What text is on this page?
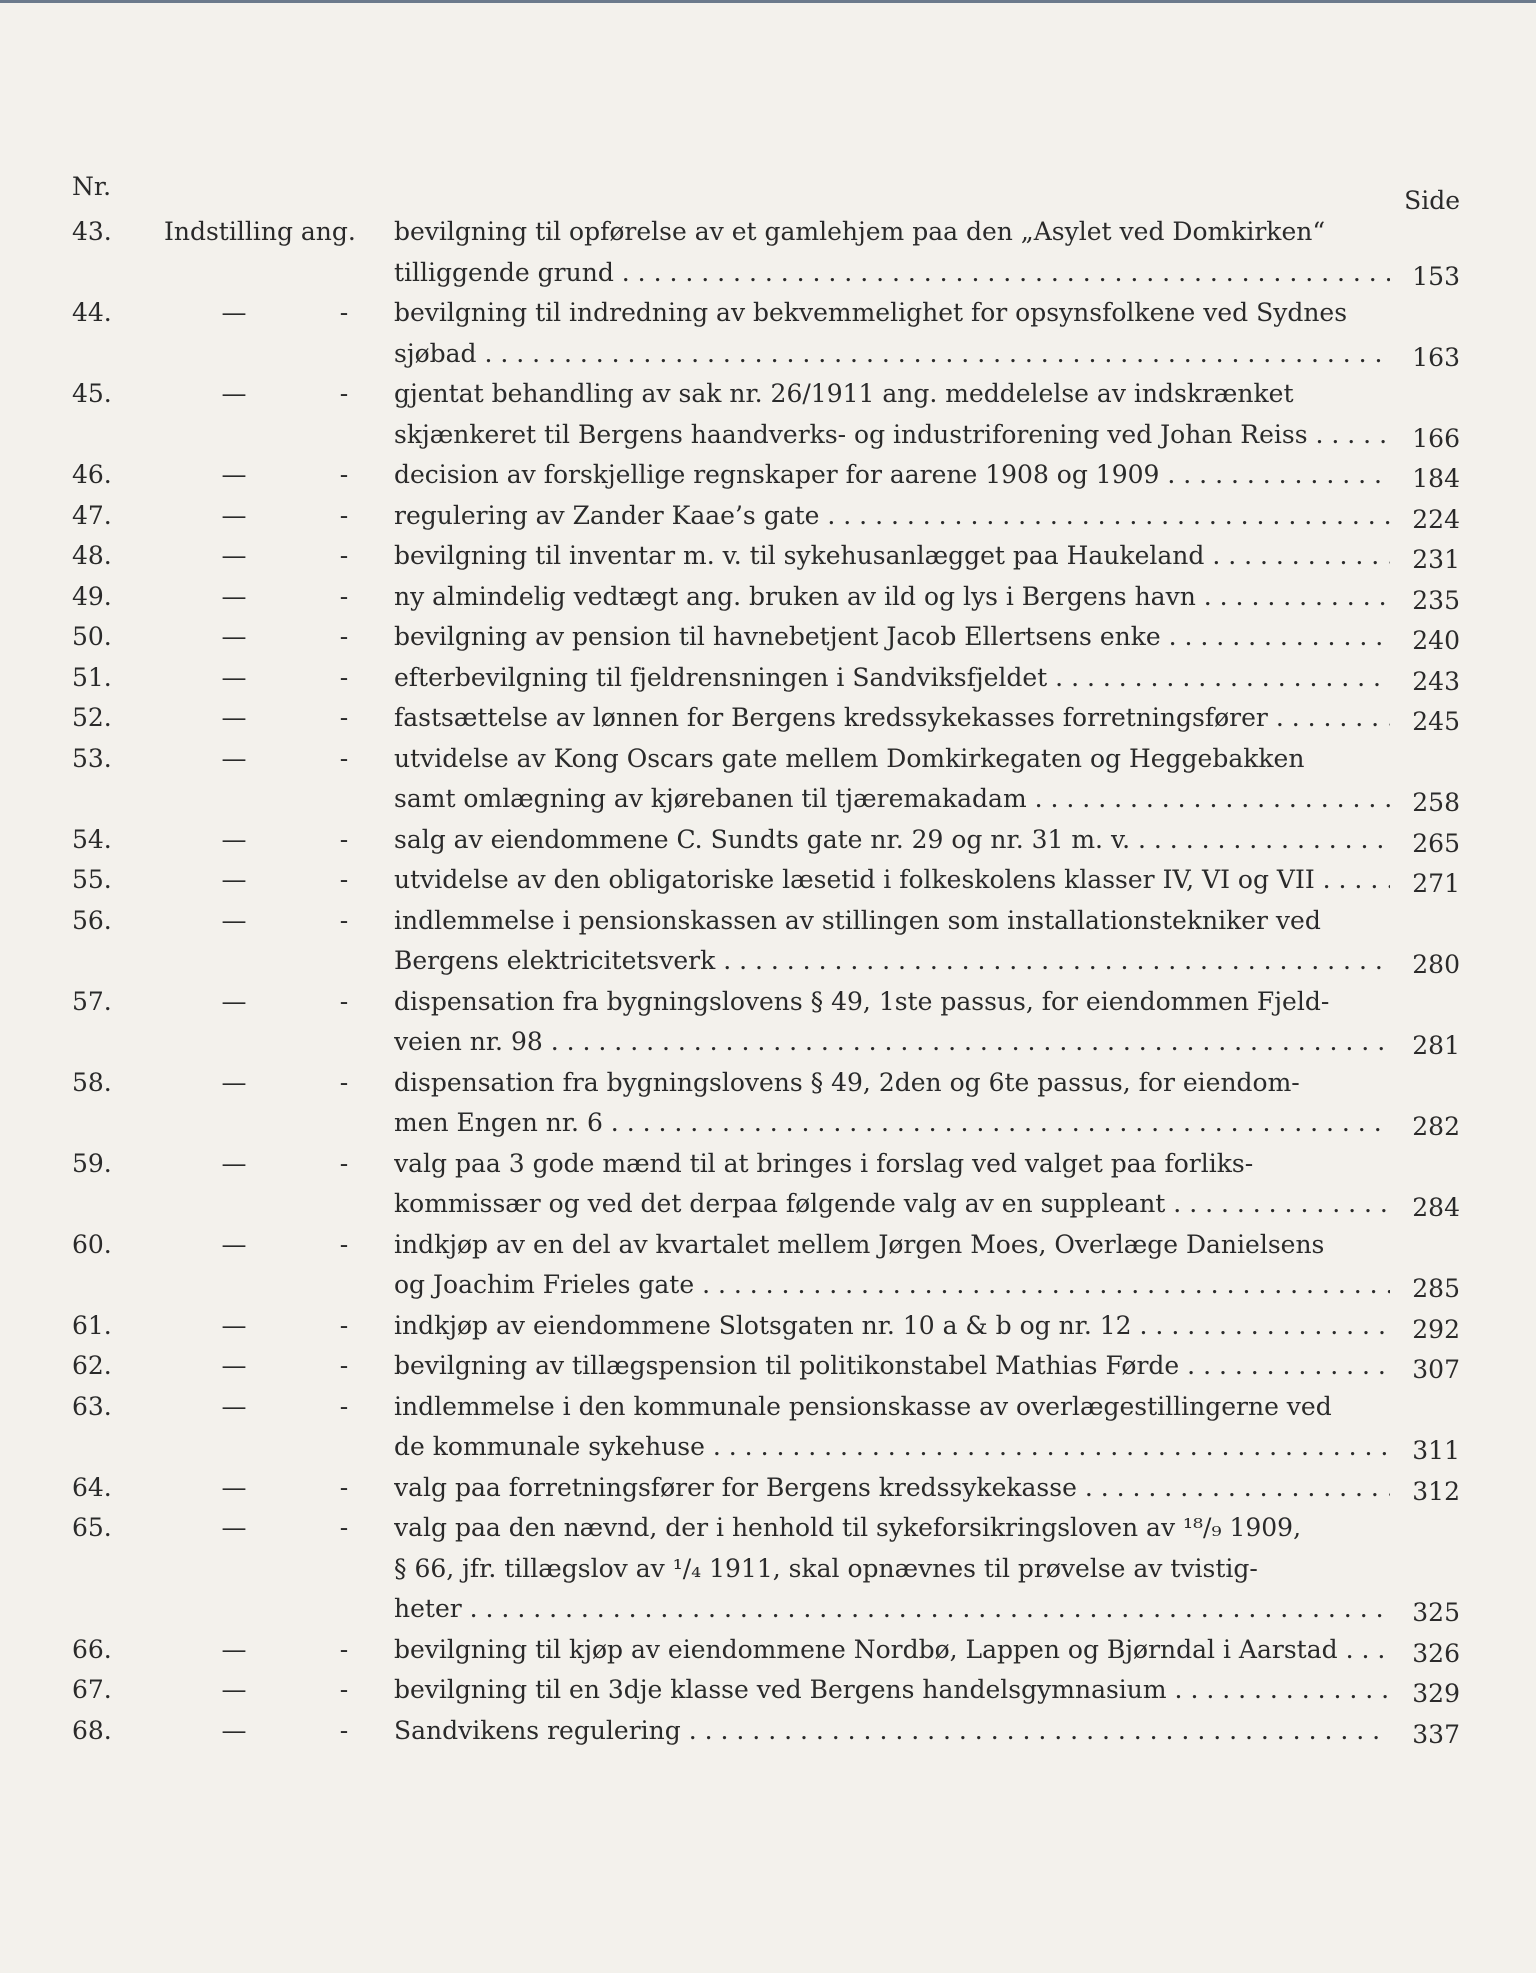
Nr.	Side
43.	Indstilling ang.	bevilgning til opførelse av et gamlehjem paa den „Asylet ved Domkirken“
tilliggende grund . . .	153
44.	—	- bevilgning til indredning av bekvemmelighet for opsynsfolkene ved Sydnes
sjøbad . . .	163
45.	—	- gjentat behandling av sak nr. 26/1911 ang. meddelelse av indskrænket
skjænkeret til Bergens haandverks- og industriforening ved Johan Reiss . . .	166
46.	—	- decision av forskjellige regnskaper for aarene 1908 og 1909 . . .	184
47.	—	- regulering av Zander Kaae’s gate . . .	224
48.	—	- bevilgning til inventar m. v. til sykehusanlægget paa Haukeland . . .	231
49.	—	- ny almindelig vedtægt ang. bruken av ild og lys i Bergens havn . . .	235
50.	—	- bevilgning av pension til havnebetjent Jacob Ellertsens enke . . .	240
51.	—	- efterbevilgning til fjeldrensningen i Sandviksfjeldet . . .	243
52.	—	- fastsættelse av lønnen for Bergens kredssykekasses forretningsfører . . .	245
53.	—	- utvidelse av Kong Oscars gate mellem Domkirkegaten og Heggebakken
samt omlægning av kjørebanen til tjæremakadam . . .	258
54.	—	- salg av eiendommene C. Sundts gate nr. 29 og nr. 31 m. v. . . .	265
55.	—	- utvidelse av den obligatoriske læsetid i folkeskolens klasser IV, VI og VII . . .	271
56.	—	- indlemmelse i pensionskassen av stillingen som installationstekniker ved
Bergens elektricitetsverk . . .	280
57.	—	- dispensation fra bygningslovens § 49, 1ste passus, for eiendommen Fjeld-
veien nr. 98 . . .	281
58.	—	- dispensation fra bygningslovens § 49, 2den og 6te passus, for eiendom-
men Engen nr. 6 . . .	282
59.	—	- valg paa 3 gode mænd til at bringes i forslag ved valget paa forliks-
kommissær og ved det derpaa følgende valg av en suppleant . . .	284
60.	—	- indkjøp av en del av kvartalet mellem Jørgen Moes, Overlæge Danielsens
og Joachim Frieles gate . . .	285
61.	—	- indkjøp av eiendommene Slotsgaten nr. 10 a & b og nr. 12 . . .	292
62.	—	- bevilgning av tillægspension til politikonstabel Mathias Førde . . .	307
63.	—	- indlemmelse i den kommunale pensionskasse av overlægestillingerne ved
de kommunale sykehuse . . .	311
64.	—	- valg paa forretningsfører for Bergens kredssykekasse . . .	312
65.	—	- valg paa den nævnd, der i henhold til sykeforsikringsloven av ¹⁸/₉ 1909,
§ 66, jfr. tillægslov av ¹/₄ 1911, skal opnævnes til prøvelse av tvistig-
heter . . .	325
66.	—	- bevilgning til kjøp av eiendommene Nordbø, Lappen og Bjørndal i Aarstad . . .	326
67.	—	- bevilgning til en 3dje klasse ved Bergens handelsgymnasium . . .	329
68.	—	- Sandvikens regulering . . .	337
